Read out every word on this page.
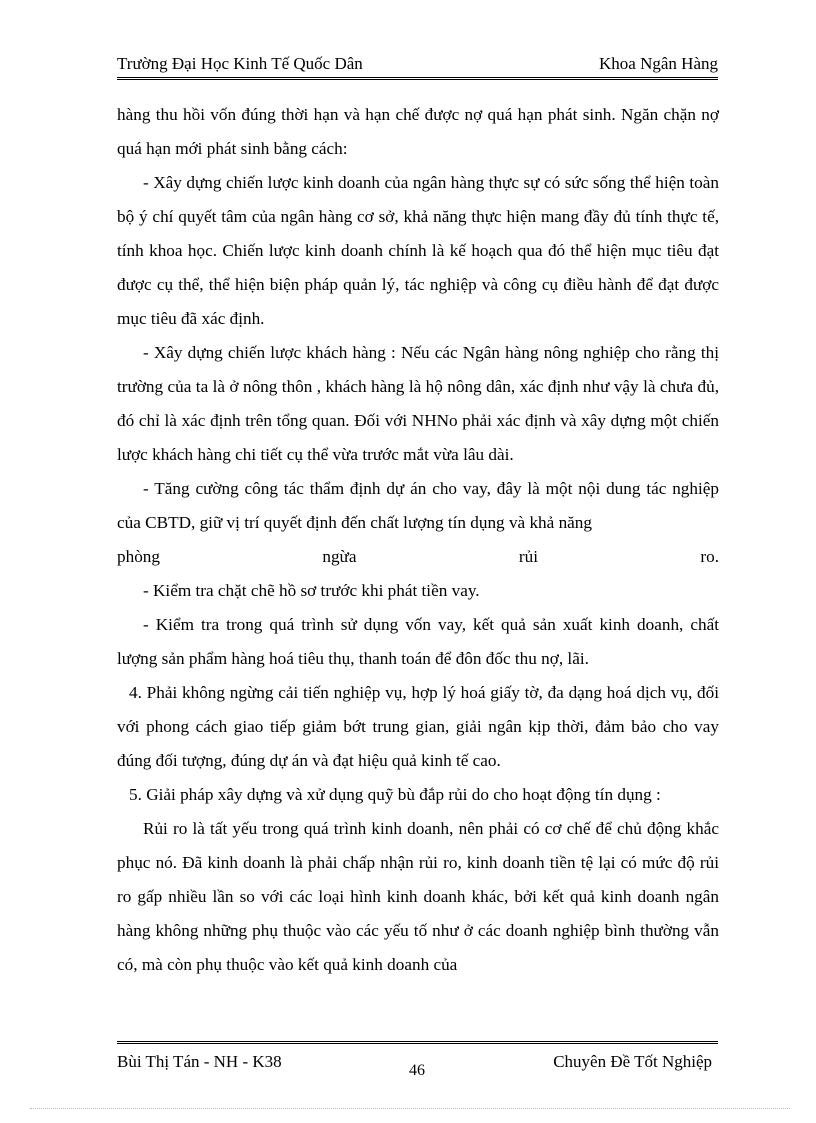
Trường Đại Học Kinh Tế Quốc Dân	Khoa Ngân Hàng

hàng thu hồi vốn đúng thời hạn và hạn chế được nợ quá hạn phát sinh. Ngăn chặn nợ quá hạn mới phát sinh bằng cách:

- Xây dựng chiến lược kinh doanh của ngân hàng thực sự có sức sống thể hiện toàn bộ ý chí quyết tâm của ngân hàng cơ sở, khả năng thực hiện mang đầy đủ tính thực tế, tính khoa học. Chiến lược kinh doanh chính là kế hoạch qua đó thể hiện mục tiêu đạt được cụ thể, thể hiện biện pháp quản lý, tác nghiệp và công cụ điều hành để đạt được mục tiêu đã xác định.

- Xây dựng chiến lược khách hàng : Nếu các Ngân hàng nông nghiệp cho rằng thị trường của ta là ở nông thôn , khách hàng là hộ nông dân, xác định như vậy là chưa đủ, đó chỉ là xác định trên tổng quan. Đối với NHNo phải xác định và xây dựng một chiến lược khách hàng chi tiết cụ thể vừa trước mắt vừa lâu dài.

- Tăng cường công tác thẩm định dự án cho vay, đây là một nội dung tác nghiệp của CBTD, giữ vị trí quyết định đến chất lượng tín dụng và khả năng

phòng ngừa rủi ro.

- Kiểm tra chặt chẽ hồ sơ trước khi phát tiền vay.

- Kiểm tra trong quá trình sử dụng vốn vay, kết quả sản xuất kinh doanh, chất lượng sản phẩm hàng hoá tiêu thụ, thanh toán để đôn đốc thu nợ, lãi.

4. Phải không ngừng cải tiến nghiệp vụ, hợp lý hoá giấy tờ, đa dạng hoá dịch vụ, đối với phong cách giao tiếp giảm bớt trung gian, giải ngân kịp thời, đảm bảo cho vay đúng đối tượng, đúng dự án và đạt hiệu quả kinh tế cao.

5. Giải pháp xây dựng và xử dụng quỹ bù đắp rủi do cho hoạt động tín dụng :

Rủi ro là tất yếu trong quá trình kinh doanh, nên phải có cơ chế để chủ động khắc phục nó. Đã kinh doanh là phải chấp nhận rủi ro, kinh doanh tiền tệ lại có mức độ rủi ro gấp nhiều lần so với các loại hình kinh doanh khác, bởi kết quả kinh doanh ngân hàng không những phụ thuộc vào các yếu tố như ở các doanh nghiệp bình thường vẫn có, mà còn phụ thuộc vào kết quả kinh doanh của

Bùi Thị Tán - NH - K38	46	Chuyên Đề Tốt Nghiệp
